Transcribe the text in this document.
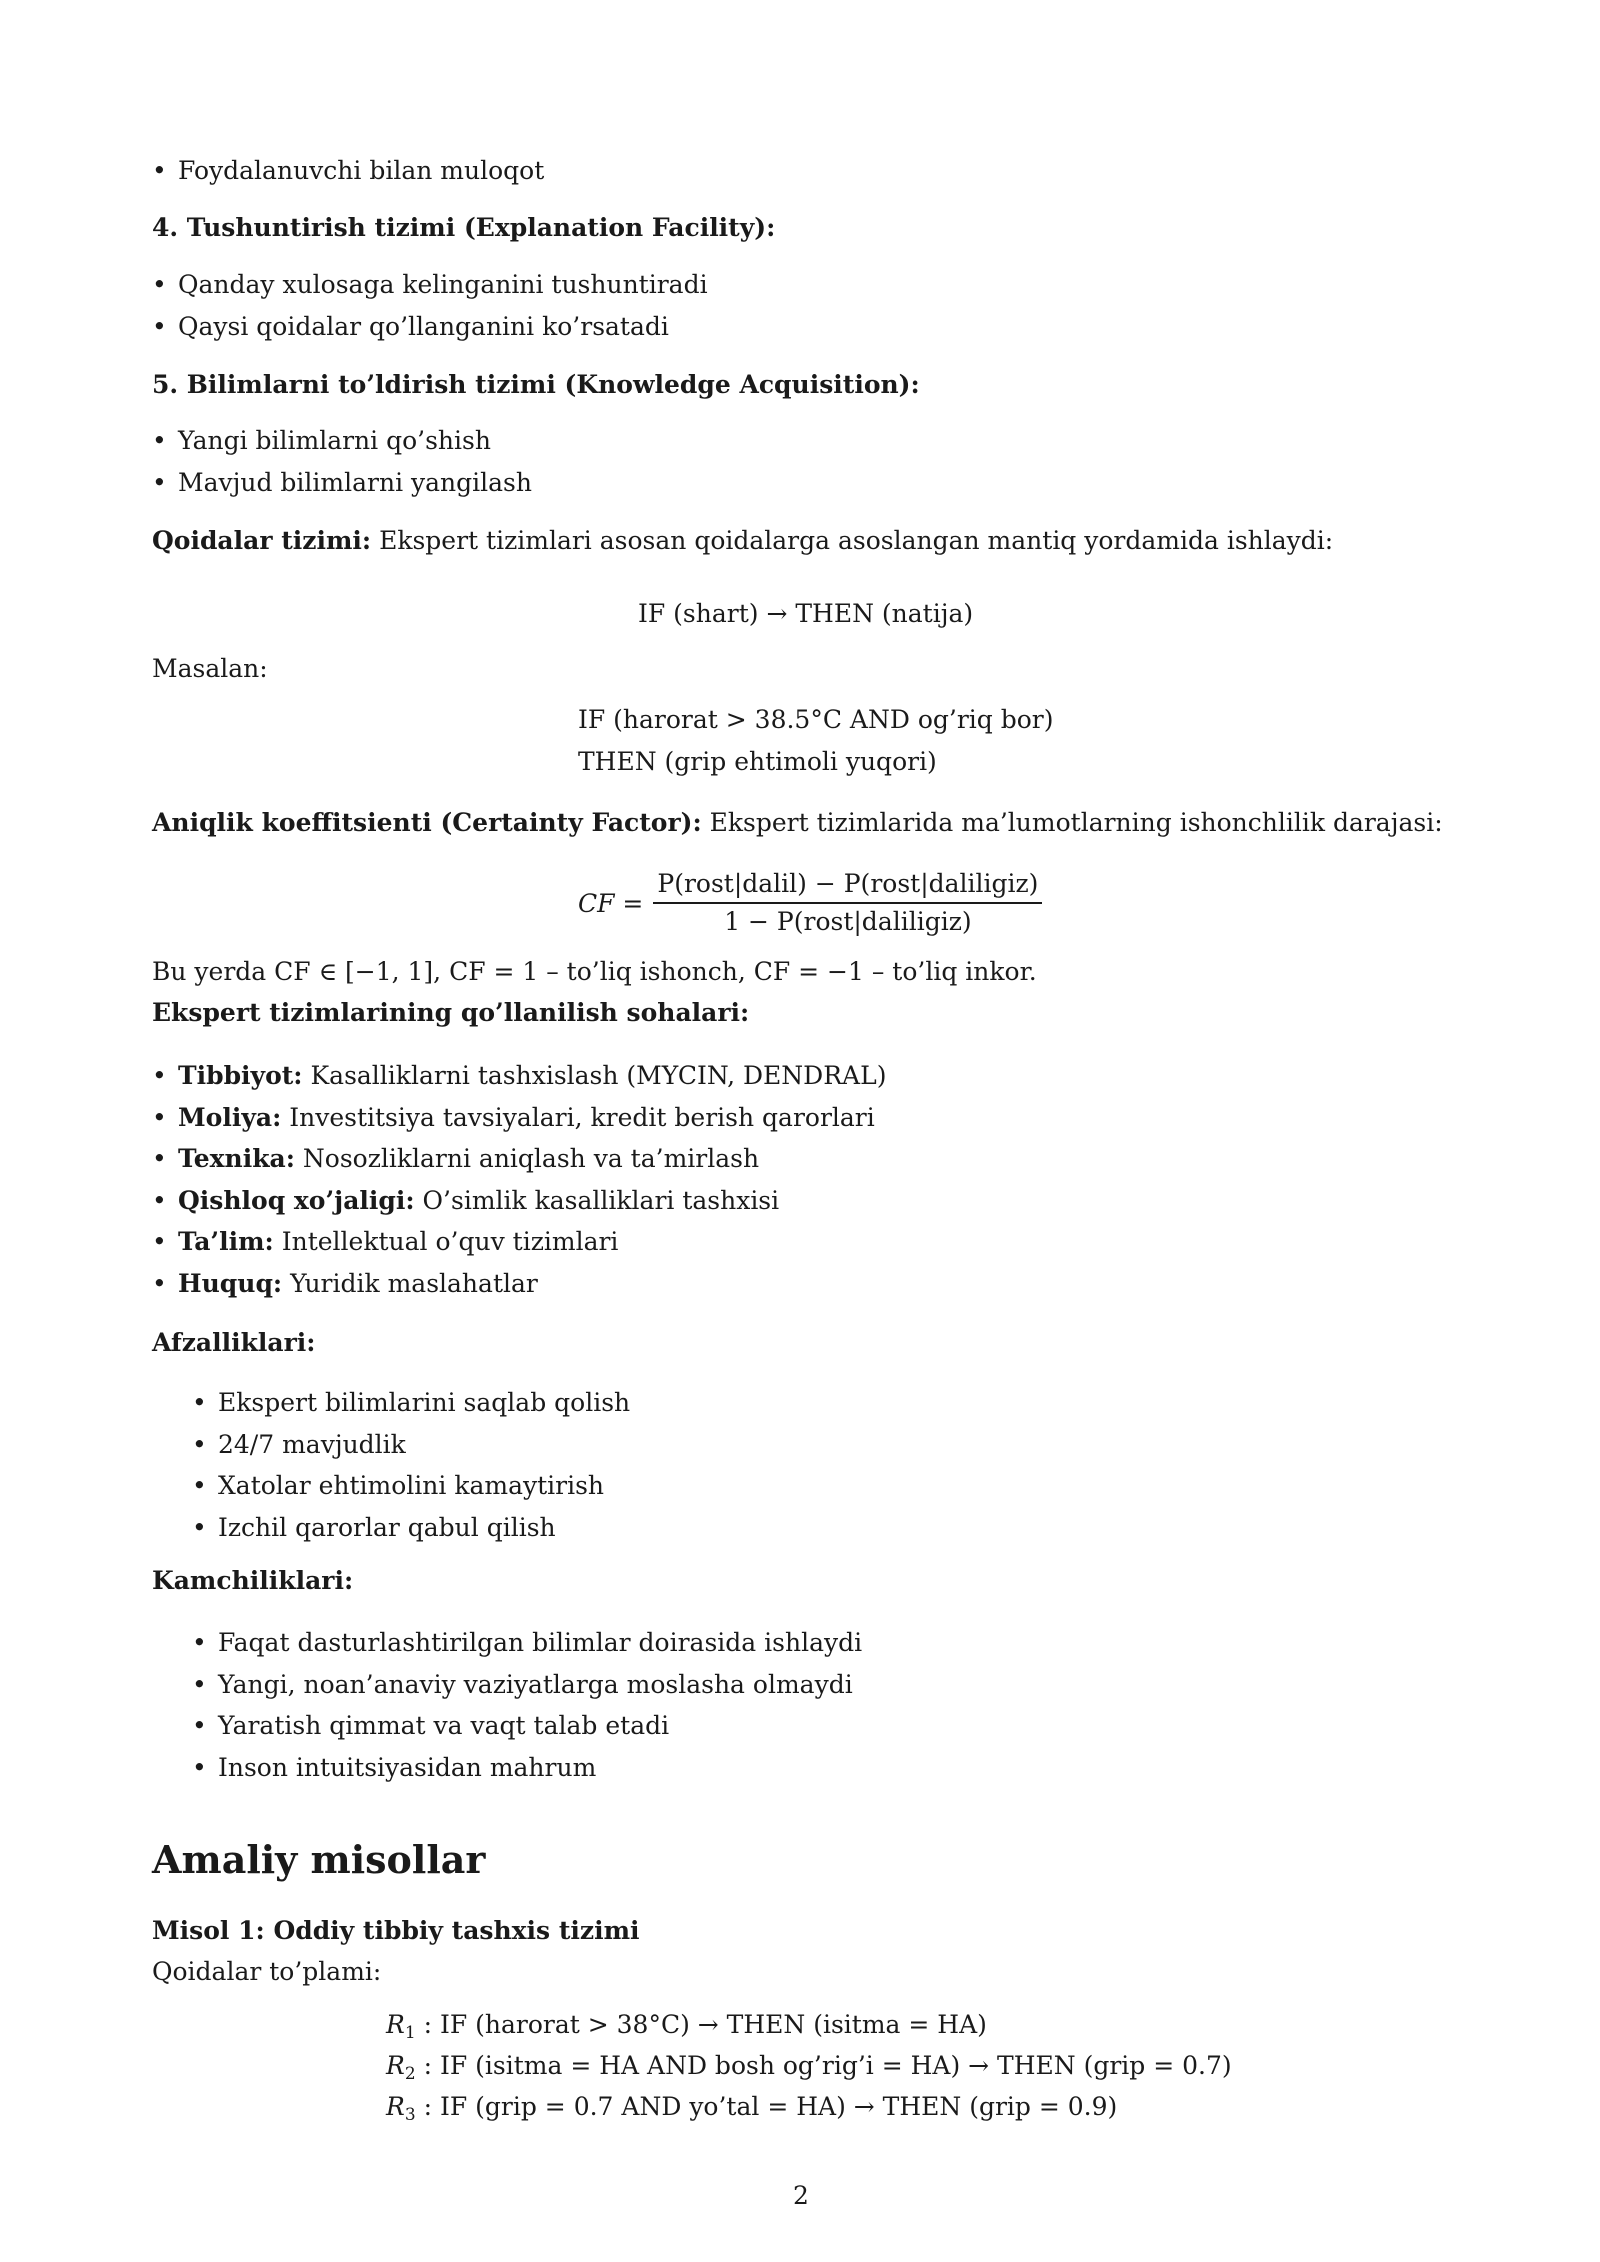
• Foydalanuvchi bilan muloqot
4. Tushuntirish tizimi (Explanation Facility):
• Qanday xulosaga kelinganini tushuntiradi
• Qaysi qoidalar qo’llanganini ko’rsatadi
5. Bilimlarni to’ldirish tizimi (Knowledge Acquisition):
• Yangi bilimlarni qo’shish
• Mavjud bilimlarni yangilash
Qoidalar tizimi: Ekspert tizimlari asosan qoidalarga asoslangan mantiq yordamida ishlaydi:
IF (shart) → THEN (natija)
Masalan:
IF (harorat > 38.5°C AND og’riq bor)
THEN (grip ehtimoli yuqori)
Aniqlik koeffitsienti (Certainty Factor): Ekspert tizimlarida ma’lumotlarning ishonchlilik darajasi:
CF = $\frac{\text{P(rost|dalil) − P(rost|daliligiz)}}{\text{1 − P(rost|daliligiz)}}$
Bu yerda CF ∈ [−1, 1], CF = 1 – to’liq ishonch, CF = −1 – to’liq inkor.
Ekspert tizimlarining qo’llanilish sohalari:
• Tibbiyot: Kasalliklarni tashxislash (MYCIN, DENDRAL)
• Moliya: Investitsiya tavsiyalari, kredit berish qarorlari
• Texnika: Nosozliklarni aniqlash va ta’mirlash
• Qishloq xo’jaligi: O’simlik kasalliklari tashxisi
• Ta’lim: Intellektual o’quv tizimlari
• Huquq: Yuridik maslahatlar
Afzalliklari:
• Ekspert bilimlarini saqlab qolish
• 24/7 mavjudlik
• Xatolar ehtimolini kamaytirish
• Izchil qarorlar qabul qilish
Kamchiliklari:
• Faqat dasturlashtirilgan bilimlar doirasida ishlaydi
• Yangi, noan’anaviy vaziyatlarga moslasha olmaydi
• Yaratish qimmat va vaqt talab etadi
• Inson intuitsiyasidan mahrum
Amaliy misollar
Misol 1: Oddiy tibbiy tashxis tizimi
Qoidalar to’plami:
$R_1$ : IF (harorat > 38°C) → THEN (isitma = HA)
$R_2$ : IF (isitma = HA AND bosh og’rig’i = HA) → THEN (grip = 0.7)
$R_3$ : IF (grip = 0.7 AND yo’tal = HA) → THEN (grip = 0.9)
2
